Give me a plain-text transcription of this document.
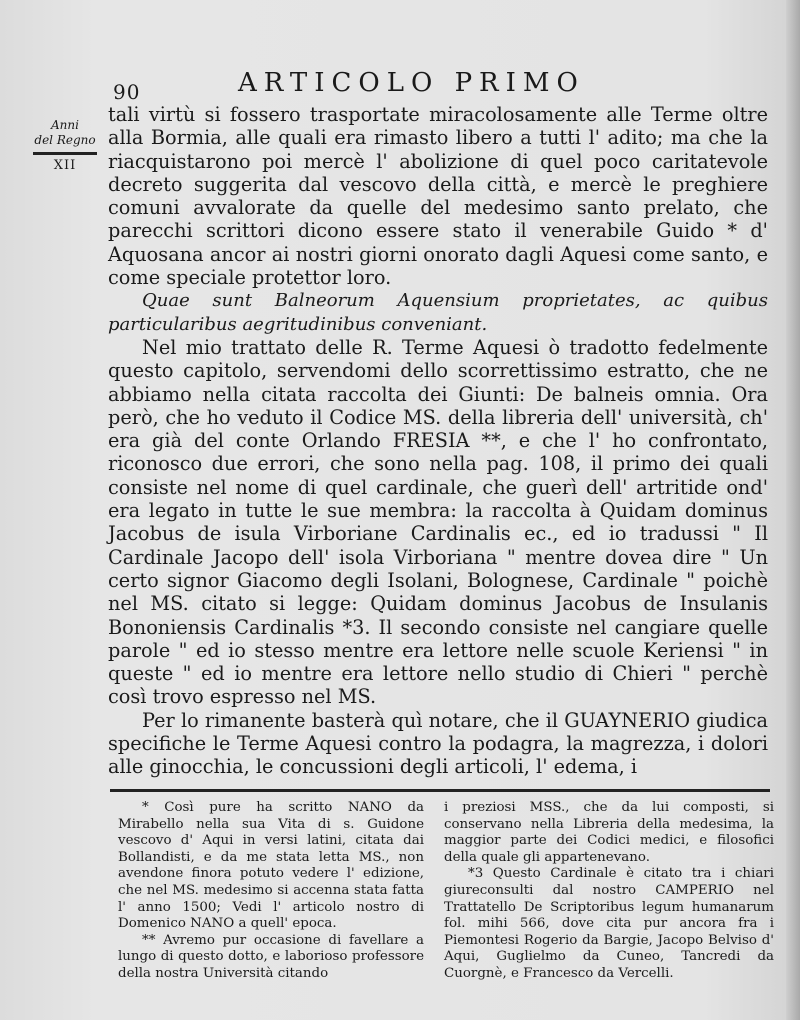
90	ARTICOLO PRIMO
Anni
del Regno
XII

tali virtù si fossero trasportate miracolosamente alle Terme oltre alla Bormia, alle quali era rimasto libero a tutti l' adito; ma che la riacquistarono poi mercè l' abolizione di quel poco caritatevole decreto suggerita dal vescovo della città, e mercè le preghiere comuni avvalorate da quelle del medesimo santo prelato, che parecchi scrittori dicono essere stato il venerabile Guido * d' Aquosana ancor ai nostri giorni onorato dagli Aquesi come santo, e come speciale protettor loro.

Quae sunt Balneorum Aquensium proprietates, ac quibus particularibus aegritudinibus conveniant.

Nel mio trattato delle R. Terme Aquesi ò tradotto fedelmente questo capitolo, servendomi dello scorrettissimo estratto, che ne abbiamo nella citata raccolta dei Giunti: De balneis omnia. Ora però, che ho veduto il Codice MS. della libreria dell' università, ch' era già del conte Orlando FRESIA **, e che l' ho confrontato, riconosco due errori, che sono nella pag. 108, il primo dei quali consiste nel nome di quel cardinale, che guerì dell' artritide ond' era legato in tutte le sue membra: la raccolta à Quidam dominus Jacobus de isula Virboriane Cardinalis ec., ed io tradussi " Il Cardinale Jacopo dell' isola Virboriana " mentre dovea dire " Un certo signor Giacomo degli Isolani, Bolognese, Cardinale " poichè nel MS. citato si legge: Quidam dominus Jacobus de Insulanis Bononiensis Cardinalis *3. Il secondo consiste nel cangiare quelle parole " ed io stesso mentre era lettore nelle scuole Keriensi " in queste " ed io mentre era lettore nello studio di Chieri " perchè così trovo espresso nel MS.

Per lo rimanente basterà quì notare, che il GUAYNERIO giudica specifiche le Terme Aquesi contro la podagra, la magrezza, i dolori alle ginocchia, le concussioni degli articoli, l' edema, i

* Così pure ha scritto NANO da Mirabello nella sua Vita di s. Guidone vescovo d' Aqui in versi latini, citata dai Bollandisti, e da me stata letta MS., non avendone finora potuto vedere l' edizione, che nel MS. medesimo si accenna stata fatta l' anno 1500; Vedi l' articolo nostro di Domenico NANO a quell' epoca.

** Avremo pur occasione di favellare a lungo di questo dotto, e laborioso professore della nostra Università citando

i preziosi MSS., che da lui composti, si conservano nella Libreria della medesima, la maggior parte dei Codici medici, e filosofici della quale gli appartenevano.

*3 Questo Cardinale è citato tra i chiari giureconsulti dal nostro CAMPERIO nel Trattatello De Scriptoribus legum humanarum fol. mihi 566, dove cita pur ancora fra i Piemontesi Rogerio da Bargie, Jacopo Belviso d' Aqui, Guglielmo da Cuneo, Tancredi da Cuorgnè, e Francesco da Vercelli.
